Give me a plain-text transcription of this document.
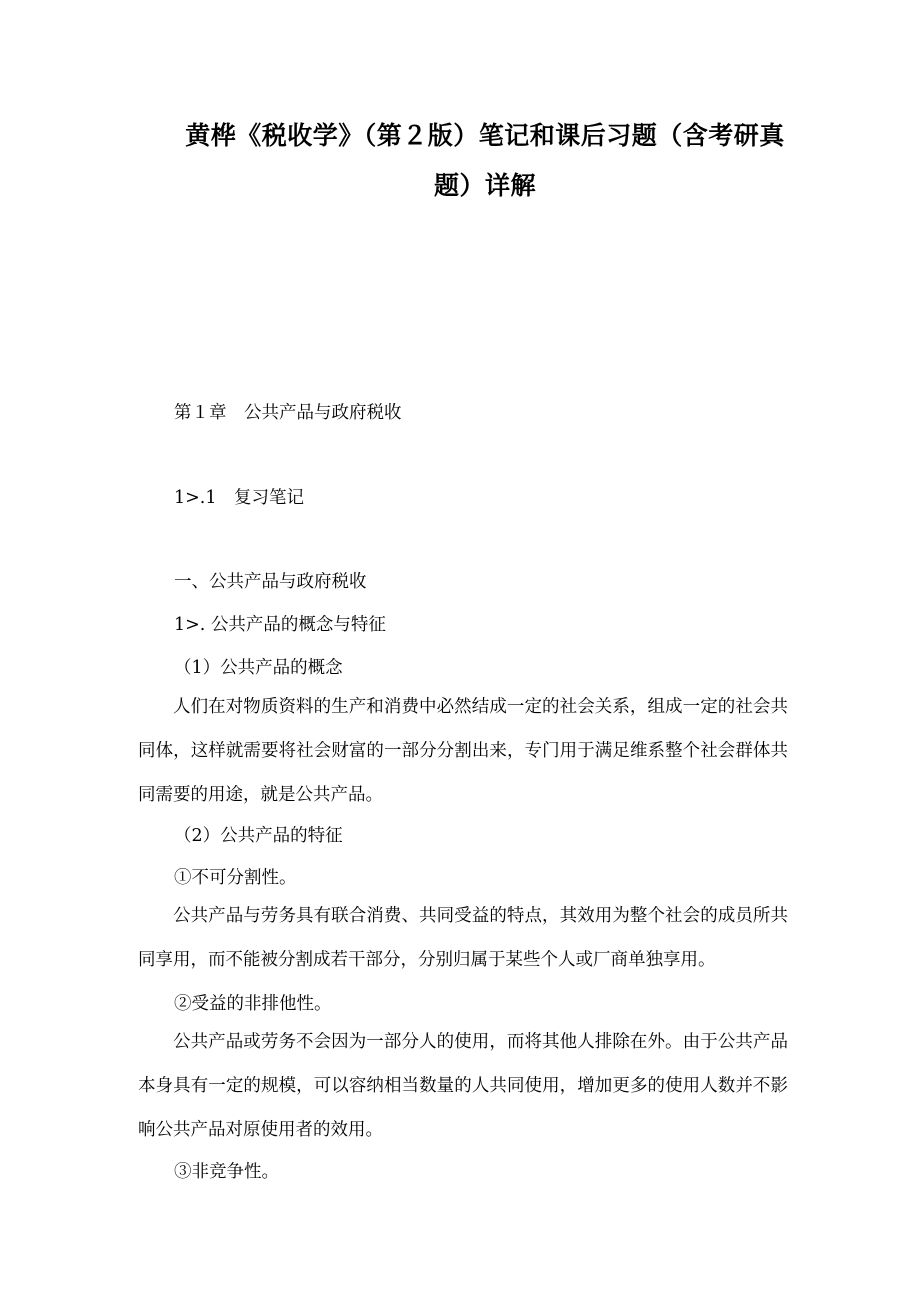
黄桦《税收学》（第２版）笔记和课后习题（含考研真
题）详解
第１章　公共产品与政府税收
1>.1　复习笔记
一、公共产品与政府税收
1>. 公共产品的概念与特征
（1）公共产品的概念

人们在对物质资料的生产和消费中必然结成一定的社会关系，组成一定的社会共同体，这样就需要将社会财富的一部分分割出来，专门用于满足维系整个社会群体共同需要的用途，就是公共产品。

（2）公共产品的特征
①不可分割性。

公共产品与劳务具有联合消费、共同受益的特点，其效用为整个社会的成员所共同享用，而不能被分割成若干部分，分别归属于某些个人或厂商单独享用。

②受益的非排他性。

公共产品或劳务不会因为一部分人的使用，而将其他人排除在外。由于公共产品本身具有一定的规模，可以容纳相当数量的人共同使用，增加更多的使用人数并不影响公共产品对原使用者的效用。

③非竞争性。
